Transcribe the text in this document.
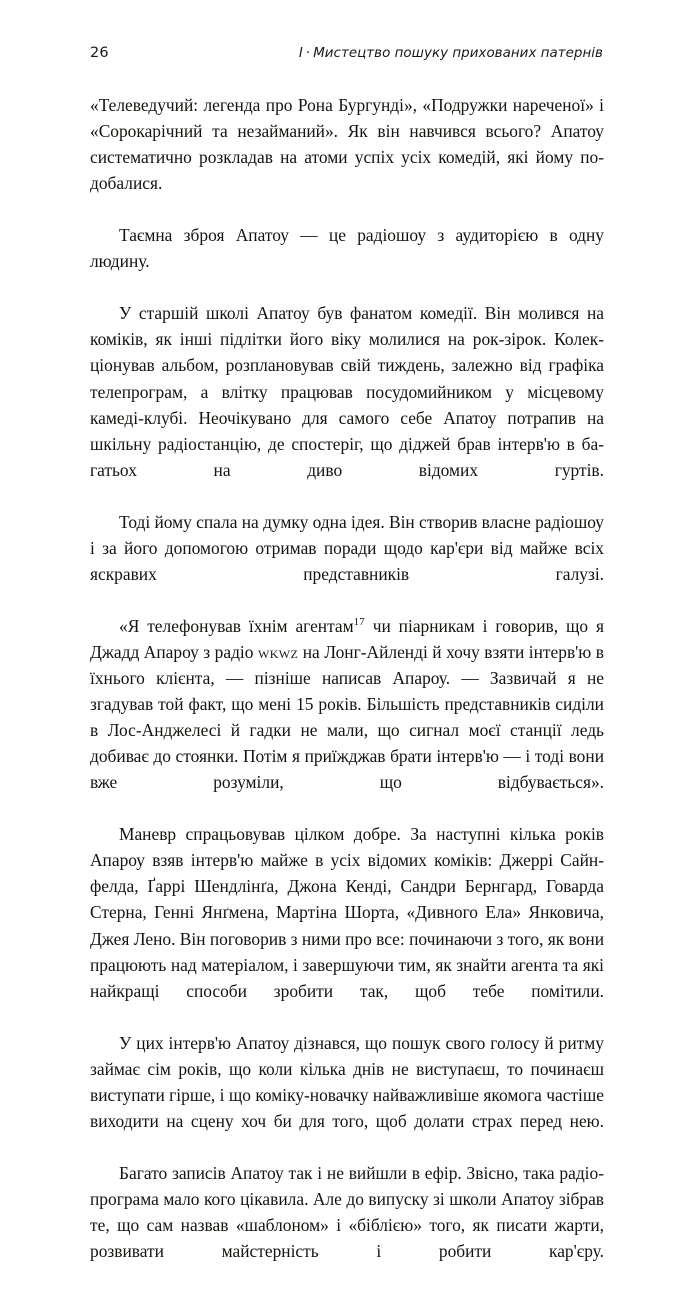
26	I · Мистецтво пошуку прихованих патернів

«Телеведучий: легенда про Рона Бургунді», «Подружки нареченої» і «Сорокарічний та незайманий». Як він навчився всього? Апатоу систематично розкладав на атоми успіх усіх комедій, які йому подобалися.

Таємна зброя Апатоу — це радіошоу з аудиторією в одну людину.

У старшій школі Апатоу був фанатом комедії. Він молився на коміків, як інші підлітки його віку молилися на рок-зірок. Колекціонував альбом, розплановував свій тиждень, залежно від графіка телепрограм, а влітку працював посудомийником у місцевому камеді-клубі. Неочікувано для самого себе Апатоу потрапив на шкільну радіостанцію, де спостеріг, що діджей брав інтерв'ю в багатьох на диво відомих гуртів.

Тоді йому спала на думку одна ідея. Він створив власне радіошоу і за його допомогою отримав поради щодо кар'єри від майже всіх яскравих представників галузі.

«Я телефонував їхнім агентам$^{17}$ чи піарникам і говорив, що я Джадд Апароу з радіо wkwz на Лонг-Айленді й хочу взяти інтерв'ю в їхнього клієнта, — пізніше написав Апароу. — Зазвичай я не згадував той факт, що мені 15 років. Більшість представників сиділи в Лос-Анджелесі й гадки не мали, що сигнал моєї станції ледь добиває до стоянки. Потім я приїжджав брати інтерв'ю — і тоді вони вже розуміли, що відбувається».

Маневр спрацьовував цілком добре. За наступні кілька років Апароу взяв інтерв'ю майже в усіх відомих коміків: Джеррі Сайнфелда, Ґаррі Шендлінґа, Джона Кенді, Сандри Бернгард, Говарда Стерна, Генні Янґмена, Мартіна Шорта, «Дивного Ела» Янковича, Джея Лено. Він поговорив з ними про все: починаючи з того, як вони працюють над матеріалом, і завершуючи тим, як знайти агента та які найкращі способи зробити так, щоб тебе помітили.

У цих інтерв'ю Апатоу дізнався, що пошук свого голосу й ритму займає сім років, що коли кілька днів не виступаєш, то починаєш виступати гірше, і що коміку-новачку найважливіше якомога частіше виходити на сцену хоч би для того, щоб долати страх перед нею.

Багато записів Апатоу так і не вийшли в ефір. Звісно, така радіопрограма мало кого цікавила. Але до випуску зі школи Апатоу зібрав те, що сам назвав «шаблоном» і «біблією» того, як писати жарти, розвивати майстерність і робити кар'єру.
